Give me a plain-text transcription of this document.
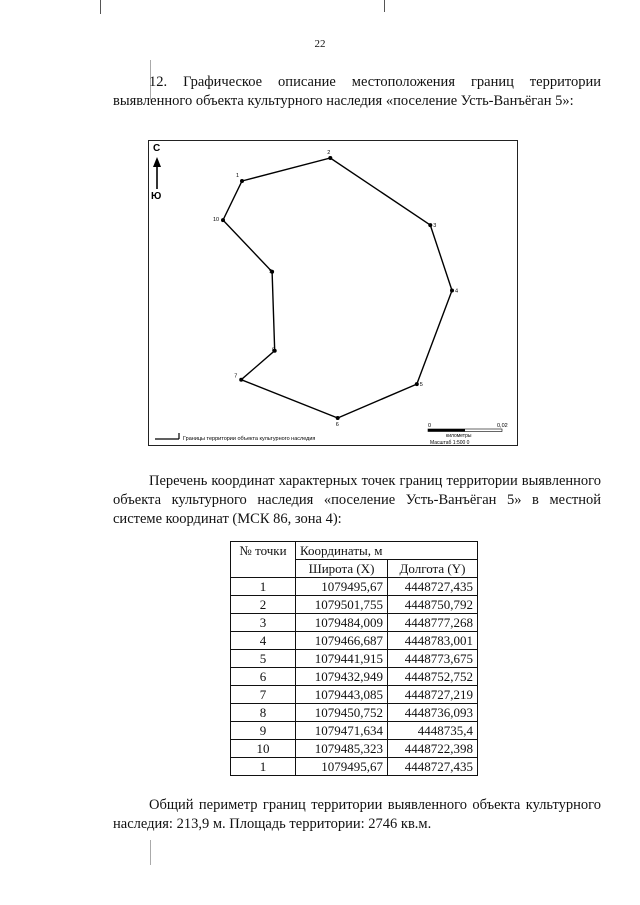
22

12. Графическое описание местоположения границ территории выявленного объекта культурного наследия «поселение Усть-Ванъёган 5»:

С
Ю
1
2
3
4
5
6
7
8
9
10
Границы территории объекта культурного наследия
0	0,02
километры
Масштаб 1:500 0

Перечень координат характерных точек границ территории выявленного объекта культурного наследия «поселение Усть-Ванъёган 5» в местной системе координат (МСК 86, зона 4):

№ точки	Координаты, м	
	Широта (X)	Долгота (Y)
1	1079495,67	4448727,435
2	1079501,755	4448750,792
3	1079484,009	4448777,268
4	1079466,687	4448783,001
5	1079441,915	4448773,675
6	1079432,949	4448752,752
7	1079443,085	4448727,219
8	1079450,752	4448736,093
9	1079471,634	4448735,4
10	1079485,323	4448722,398
1	1079495,67	4448727,435

Общий периметр границ территории выявленного объекта культурного наследия: 213,9 м. Площадь территории: 2746 кв.м.
